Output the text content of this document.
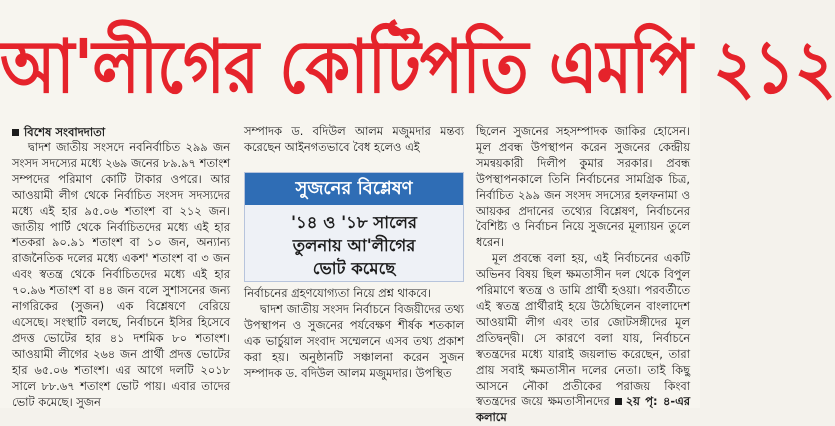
আ'লীগের কোটিপতি এমপি ২১২
বিশেষ সংবাদদাতা

দ্বাদশ জাতীয় সংসদে নবনির্বাচিত ২৯৯ জন সংসদ সদস্যের মধ্যে ২৬৯ জনের ৮৯.৯৭ শতাংশ সম্পদের পরিমাণ কোটি টাকার ওপরে। আর আওয়ামী লীগ থেকে নির্বাচিত সংসদ সদস্যদের মধ্যে এই হার ৯৫.০৬ শতাংশ বা ২১২ জন। জাতীয় পার্টি থেকে নির্বাচিতদের মধ্যে এই হার শতকরা ৯০.৯১ শতাংশ বা ১০ জন, অন্যান্য রাজনৈতিক দলের মধ্যে একশ' শতাংশ বা ৩ জন এবং স্বতন্ত্র থেকে নির্বাচিতদের মধ্যে এই হার ৭০.৯৬ শতাংশ বা ৪৪ জন বলে সুশাসনের জন্য নাগরিকের (সুজন) এক বিশ্লেষণে বেরিয়ে এসেছে। সংস্থাটি বলছে, নির্বাচনে ইসির হিসেবে প্রদত্ত ভোটের হার ৪১ দশমিক ৮০ শতাংশ। আওয়ামী লীগের ২৬৪ জন প্রার্থী প্রদত্ত ভোটের হার ৬৫.০৬ শতাংশ। এর আগে দলটি ২০১৮ সালে ৮৮.৬৭ শতাংশ ভোট পায়। এবার তাদের ভোট কমেছে। সুজন

সম্পাদক ড. বদিউল আলম মজুমদার মন্তব্য করেছেন আইনগতভাবে বৈধ হলেও এই

সুজনের বিশ্লেষণ
'১৪ ও '১৮ সালের
তুলনায় আ'লীগের
ভোট কমেছে

নির্বাচনের গ্রহণযোগ্যতা নিয়ে প্রশ্ন থাকবে।

দ্বাদশ জাতীয় সংসদ নির্বাচনে বিজয়ীদের তথ্য উপস্থাপন ও সুজনের পর্যবেক্ষণ শীর্ষক শতকাল এক ভার্চুয়াল সংবাদ সম্মেলনে এসব তথ্য প্রকাশ করা হয়। অনুষ্ঠানটি সঞ্চালনা করেন সুজন সম্পাদক ড. বদিউল আলম মজুমদার। উপস্থিত

ছিলেন সুজনের সহসম্পাদক জাকির হোসেন। মূল প্রবন্ধ উপস্থাপন করেন সুজনের কেন্দ্রীয় সমন্বয়কারী দিলীপ কুমার সরকার। প্রবন্ধ উপস্থাপনকালে তিনি নির্বাচনের সামগ্রিক চিত্র, নির্বাচিত ২৯৯ জন সংসদ সদস্যের হলফনামা ও আয়কর প্রদানের তথ্যের বিশ্লেষণ, নির্বাচনের বৈশিষ্ট্য ও নির্বাচন নিয়ে সুজনের মূল্যায়ন তুলে ধরেন।

মূল প্রবন্ধে বলা হয়, এই নির্বাচনের একটি অভিনব বিষয় ছিল ক্ষমতাসীন দল থেকে বিপুল পরিমাণে স্বতন্ত্র ও ডামি প্রার্থী হওয়া। পরবর্তীতে এই স্বতন্ত্র প্রার্থীরাই হয়ে উঠেছিলেন বাংলাদেশ আওয়ামী লীগ এবং তার জোটসঙ্গীদের মূল প্রতিদ্বন্দ্বী। সে কারণে বলা যায়, নির্বাচনে স্বতন্ত্রদের মধ্যে যারাই জয়লাভ করেছেন, তারা প্রায় সবাই ক্ষমতাসীন দলের নেতা। তাই কিছু আসনে নৌকা প্রতীকের পরাজয় কিংবা স্বতন্ত্রদের জয়ে ক্ষমতাসীনদের ২য় পৃ: ৪-এর কলামে
